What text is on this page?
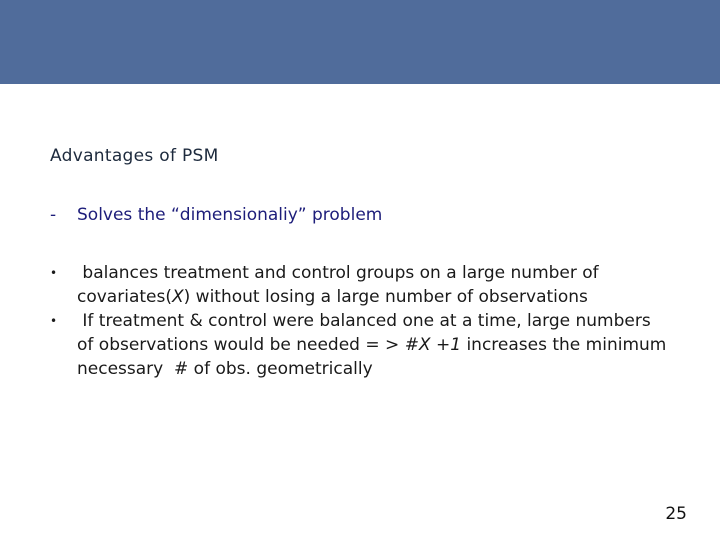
Advantages of PSM
-	Solves the “dimensionaliy” problem
• balances treatment and control groups on a large number of covariates(X) without losing a large number of observations
• If treatment & control were balanced one at a time, large numbers of observations would be needed = > #X +1 increases the minimum necessary  # of obs. geometrically
25
